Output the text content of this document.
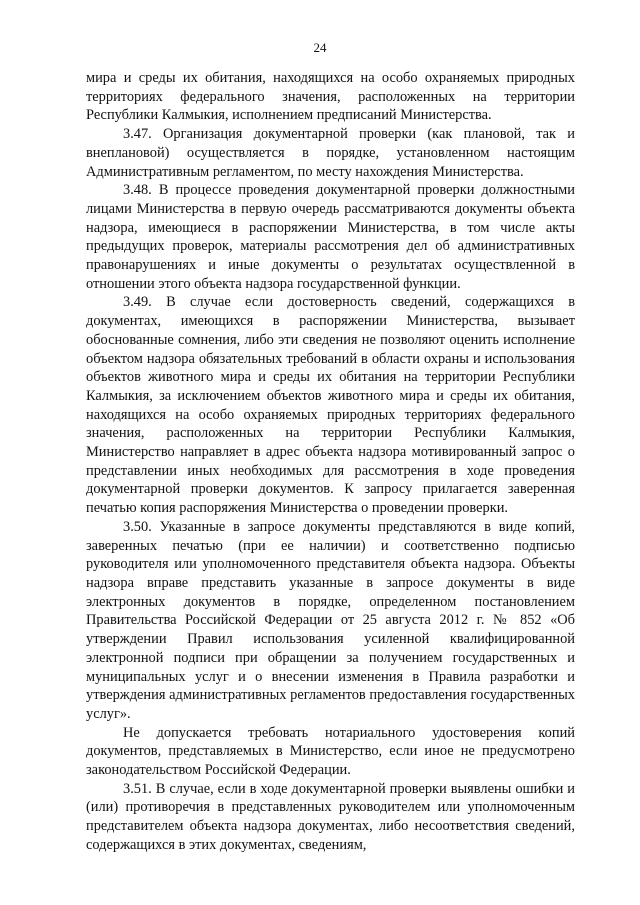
24

мира и среды их обитания, находящихся на особо охраняемых природных территориях федерального значения, расположенных на территории Республики Калмыкия, исполнением предписаний Министерства.

3.47. Организация документарной проверки (как плановой, так и внеплановой) осуществляется в порядке, установленном настоящим Административным регламентом, по месту нахождения Министерства.

3.48. В процессе проведения документарной проверки должностными лицами Министерства в первую очередь рассматриваются документы объекта надзора, имеющиеся в распоряжении Министерства, в том числе акты предыдущих проверок, материалы рассмотрения дел об административных правонарушениях и иные документы о результатах осуществленной в отношении этого объекта надзора государственной функции.

3.49. В случае если достоверность сведений, содержащихся в документах, имеющихся в распоряжении Министерства, вызывает обоснованные сомнения, либо эти сведения не позволяют оценить исполнение объектом надзора обязательных требований в области охраны и использования объектов животного мира и среды их обитания на территории Республики Калмыкия, за исключением объектов животного мира и среды их обитания, находящихся на особо охраняемых природных территориях федерального значения, расположенных на территории Республики Калмыкия, Министерство направляет в адрес объекта надзора мотивированный запрос о представлении иных необходимых для рассмотрения в ходе проведения документарной проверки документов. К запросу прилагается заверенная печатью копия распоряжения Министерства о проведении проверки.

3.50. Указанные в запросе документы представляются в виде копий, заверенных печатью (при ее наличии) и соответственно подписью руководителя или уполномоченного представителя объекта надзора. Объекты надзора вправе представить указанные в запросе документы в виде электронных документов в порядке, определенном постановлением Правительства Российской Федерации от 25 августа 2012 г. № 852 «Об утверждении Правил использования усиленной квалифицированной электронной подписи при обращении за получением государственных и муниципальных услуг и о внесении изменения в Правила разработки и утверждения административных регламентов предоставления государственных услуг».

Не допускается требовать нотариального удостоверения копий документов, представляемых в Министерство, если иное не предусмотрено законодательством Российской Федерации.

3.51. В случае, если в ходе документарной проверки выявлены ошибки и (или) противоречия в представленных руководителем или уполномоченным представителем объекта надзора документах, либо несоответствия сведений, содержащихся в этих документах, сведениям,
